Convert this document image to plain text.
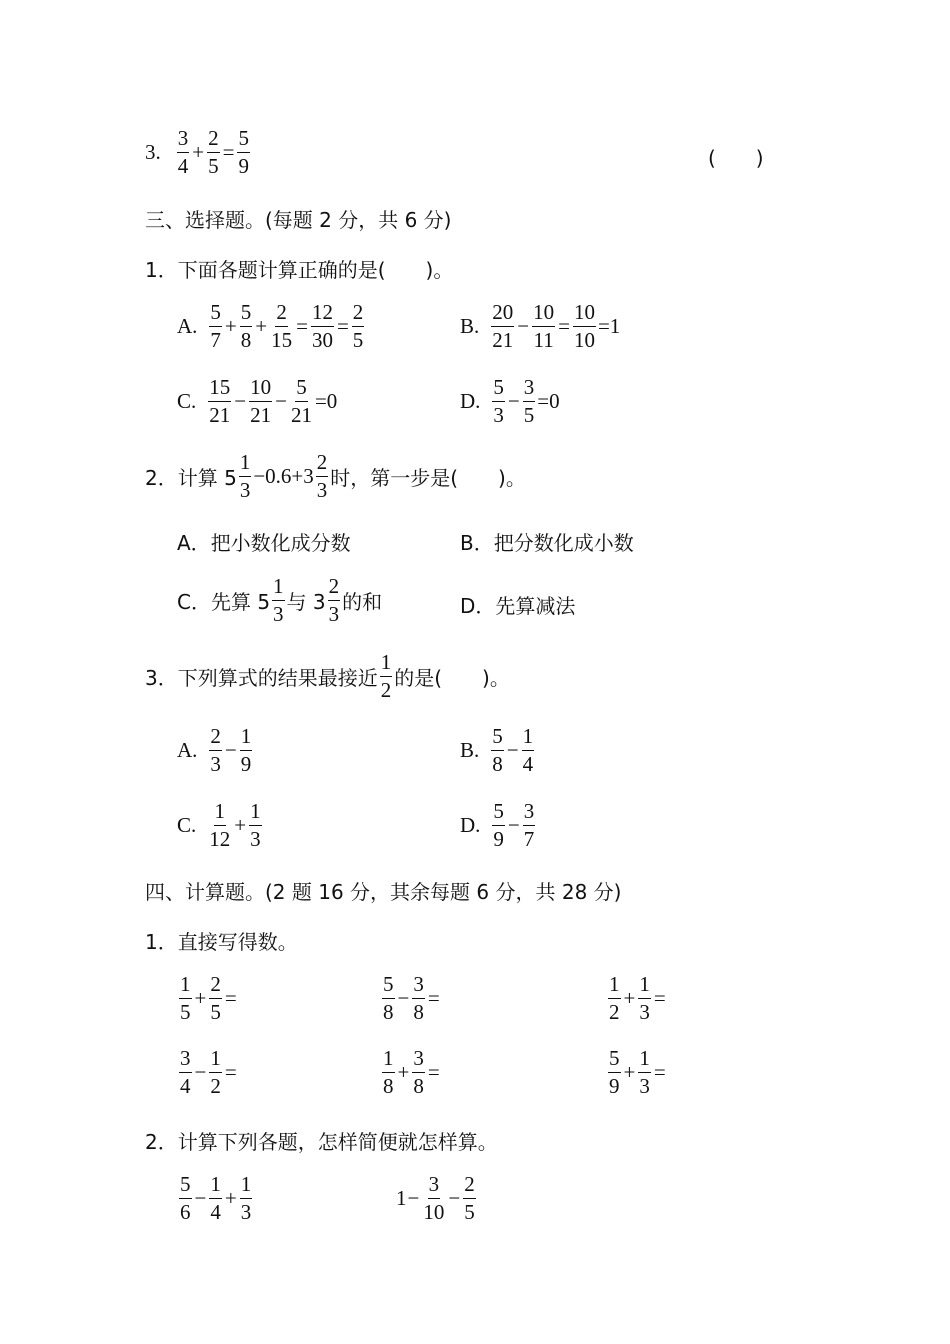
3. $\frac{3}{4} + \frac{2}{5} = \frac{5}{9}$	(　　)
三、选择题。(每题 2 分，共 6 分)
1．下面各题计算正确的是(　　)。
A. $\frac{5}{7} + \frac{5}{8} + \frac{2}{15} = \frac{12}{30} = \frac{2}{5}$	B. $\frac{20}{21} - \frac{10}{11} = \frac{10}{10} =1$
C. $\frac{15}{21} - \frac{10}{21} - \frac{5}{21} =0$	D. $\frac{5}{3} - \frac{3}{5} =0$
2．计算 $5 \frac{1}{3} -0.6+3 \frac{2}{3}$ 时，第一步是(　　)。
A．把小数化成分数	B．把分数化成小数
C．先算 $5 \frac{1}{3}$ 与 $3 \frac{2}{3}$ 的和	D．先算减法
3．下列算式的结果最接近 $\frac{1}{2}$ 的是(　　)。
A. $\frac{2}{3} - \frac{1}{9}$	B. $\frac{5}{8} - \frac{1}{4}$
C. $\frac{1}{12} + \frac{1}{3}$	D. $\frac{5}{9} - \frac{3}{7}$
四、计算题。(2 题 16 分，其余每题 6 分，共 28 分)
1．直接写得数。
$\frac{1}{5} + \frac{2}{5}$ =	$\frac{5}{8} - \frac{3}{8}$ =	$\frac{1}{2} + \frac{1}{3}$ =
$\frac{3}{4} - \frac{1}{2}$ =	$\frac{1}{8} + \frac{3}{8}$ =	$\frac{5}{9} + \frac{1}{3}$ =
2．计算下列各题，怎样简便就怎样算。
$\frac{5}{6} - \frac{1}{4} + \frac{1}{3}$	$1 - \frac{3}{10} - \frac{2}{5}$
